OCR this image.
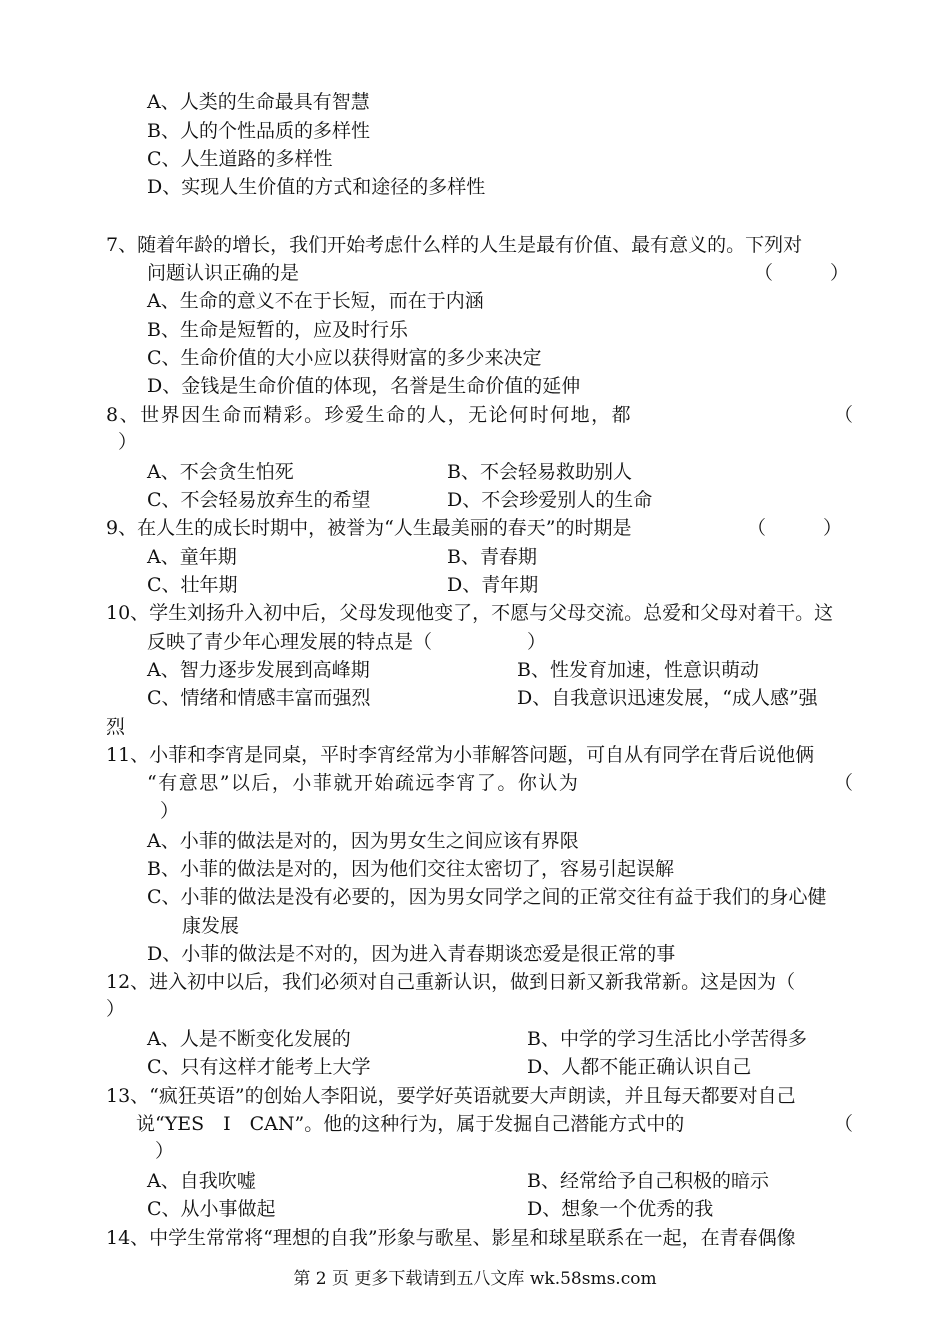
A、人类的生命最具有智慧
B、人的个性品质的多样性
C、人生道路的多样性
D、实现人生价值的方式和途径的多样性
7、随着年龄的增长，我们开始考虑什么样的人生是最有价值、最有意义的。下列对
问题认识正确的是	（　　　）
A、生命的意义不在于长短，而在于内涵
B、生命是短暂的，应及时行乐
C、生命价值的大小应以获得财富的多少来决定
D、金钱是生命价值的体现，名誉是生命价值的延伸
8、世界因生命而精彩。珍爱生命的人，无论何时何地，都	（
）
A、不会贪生怕死	B、不会轻易救助别人
C、不会轻易放弃生的希望	D、不会珍爱别人的生命
9、在人生的成长时期中，被誉为“人生最美丽的春天”的时期是	（　　　）
A、童年期	B、青春期
C、壮年期	D、青年期
10、学生刘扬升入初中后，父母发现他变了，不愿与父母交流。总爱和父母对着干。这
反映了青少年心理发展的特点是（　　　　　）
A、智力逐步发展到高峰期	B、性发育加速，性意识萌动
C、情绪和情感丰富而强烈	D、自我意识迅速发展，“成人感”强
烈
11、小菲和李宵是同桌，平时李宵经常为小菲解答问题，可自从有同学在背后说他俩
“有意思”以后，小菲就开始疏远李宵了。你认为	（
）
A、小菲的做法是对的，因为男女生之间应该有界限
B、小菲的做法是对的，因为他们交往太密切了，容易引起误解
C、小菲的做法是没有必要的，因为男女同学之间的正常交往有益于我们的身心健
康发展
D、小菲的做法是不对的，因为进入青春期谈恋爱是很正常的事
12、进入初中以后，我们必须对自己重新认识，做到日新又新我常新。这是因为（
）
A、人是不断变化发展的	B、中学的学习生活比小学苦得多
C、只有这样才能考上大学	D、人都不能正确认识自己
13、“疯狂英语”的创始人李阳说，要学好英语就要大声朗读，并且每天都要对自己
说“YES　I　CAN”。他的这种行为，属于发掘自己潜能方式中的	（
）
A、自我吹嘘	B、经常给予自己积极的暗示
C、从小事做起	D、想象一个优秀的我
14、中学生常常将“理想的自我”形象与歌星、影星和球星联系在一起，在青春偶像
第 2 页 更多下载请到五八文库 wk.58sms.com
